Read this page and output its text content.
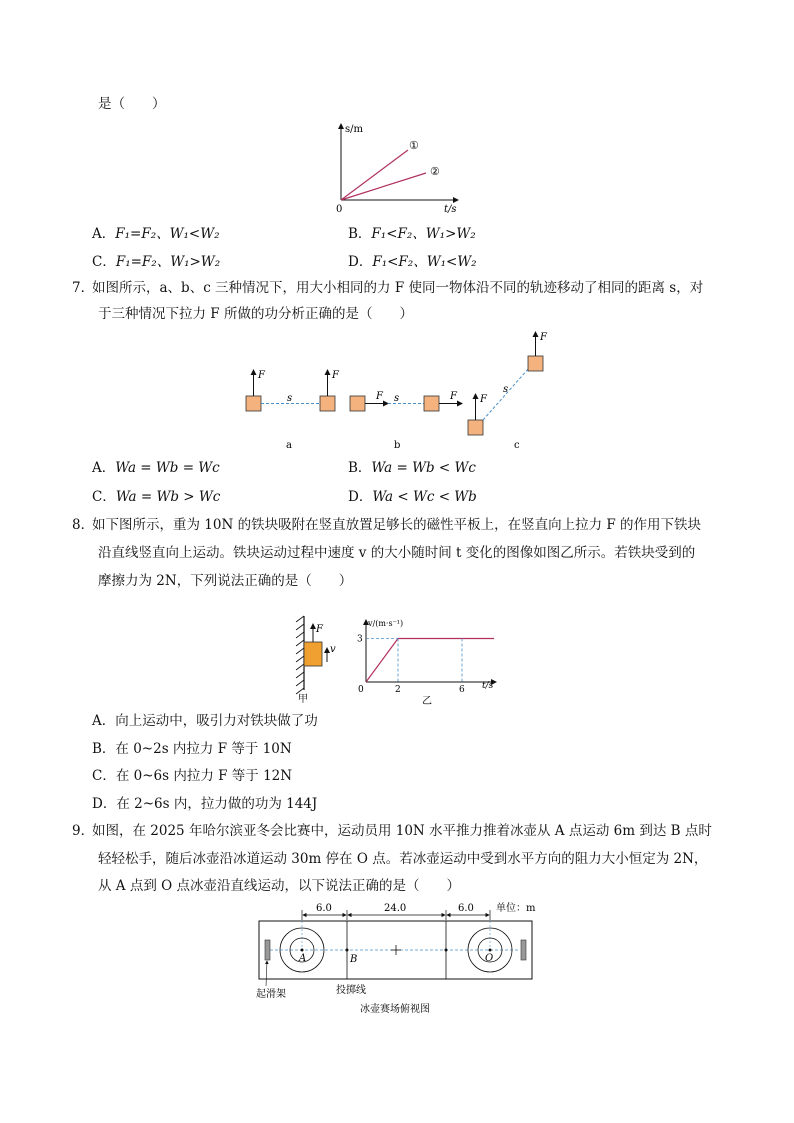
是（　　）
s/m
t/s
0
①
②
A．F₁=F₂、W₁<W₂	B．F₁<F₂、W₁>W₂
C．F₁=F₂、W₁>W₂	D．F₁<F₂、W₁<W₂
7．
如图所示，a、b、c 三种情况下，用大小相同的力 F 使同一物体沿不同的轨迹移动了相同的距离 s，对
于三种情况下拉力 F 所做的功分析正确的是（　　）
F
s
F
a
F s	F
b
F
s
F
c
A．Wa = Wb = Wc	B．Wa = Wb < Wc
C．Wa = Wb > Wc	D．Wa < Wc < Wb
8．
如下图所示，重为 10N 的铁块吸附在竖直放置足够长的磁性平板上，在竖直向上拉力 F 的作用下铁块
沿直线竖直向上运动。铁块运动过程中速度 v 的大小随时间 t 变化的图像如图乙所示。若铁块受到的
摩擦力为 2N，下列说法正确的是（　　）
F
v
甲
v/(m·s⁻¹)
t/s
0	2	6
3
乙
A．向上运动中，吸引力对铁块做了功
B．在 0~2s 内拉力 F 等于 10N
C．在 0~6s 内拉力 F 等于 12N
D．在 2~6s 内，拉力做的功为 144J
9．
如图，在 2025 年哈尔滨亚冬会比赛中，运动员用 10N 水平推力推着冰壶从 A 点运动 6m 到达 B 点时
轻轻松手，随后冰壶沿冰道运动 30m 停在 O 点。若冰壶运动中受到水平方向的阻力大小恒定为 2N，
从 A 点到 O 点冰壶沿直线运动，以下说法正确的是（　　）
6.0	24.0	6.0 单位：m
A	O
B
起滑架	投掷线
冰壶赛场俯视图
